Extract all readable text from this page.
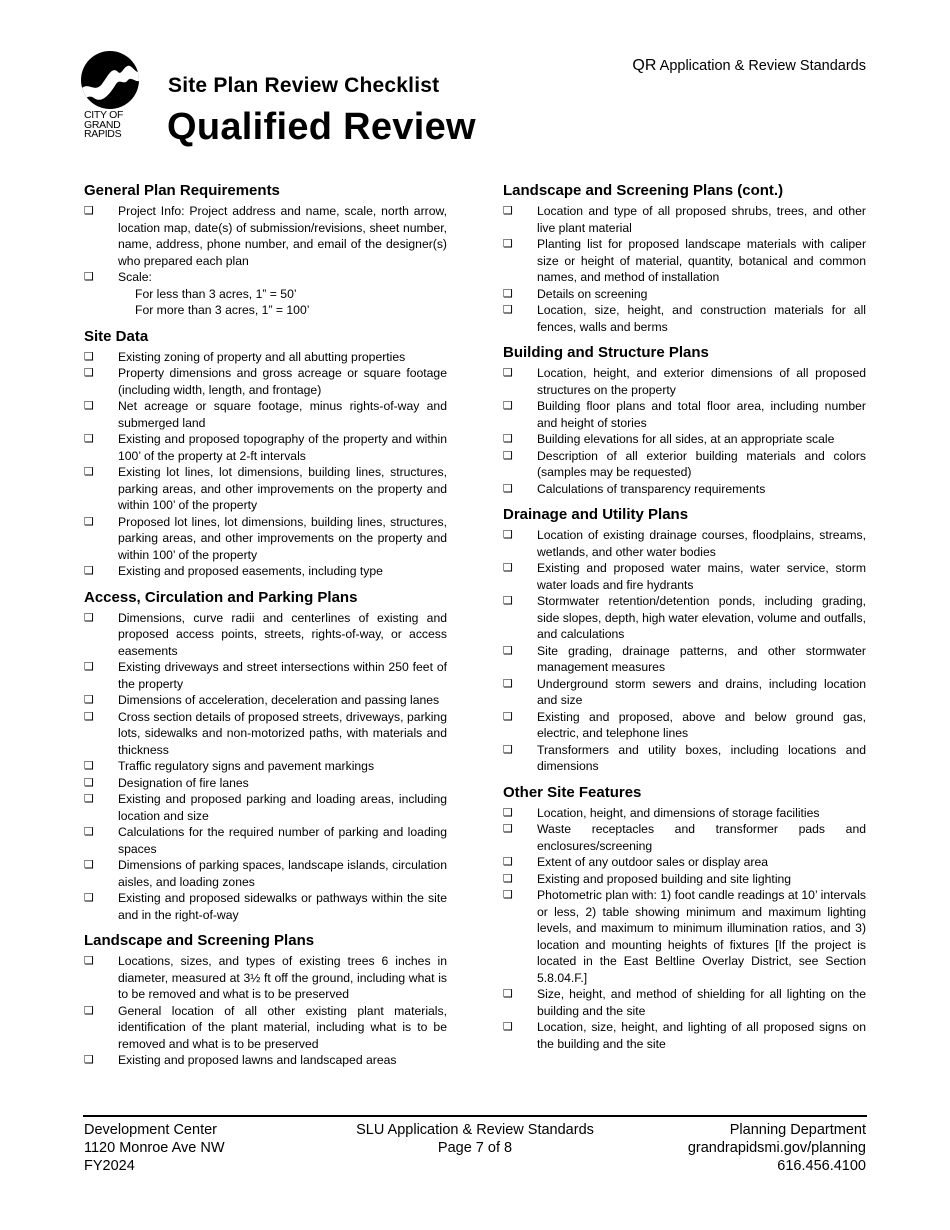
CITY OF
GRAND
RAPIDS
QR Application & Review Standards
Site Plan Review Checklist
Qualified Review
General Plan Requirements
❑	Project Info: Project address and name, scale, north arrow, location map, date(s) of submission/revisions, sheet number, name, address, phone number, and email of the designer(s) who prepared each plan
❑	Scale:
For less than 3 acres, 1” = 50’
For more than 3 acres, 1” = 100’
Site Data
❑	Existing zoning of property and all abutting properties
❑	Property dimensions and gross acreage or square footage (including width, length, and frontage)
❑	Net acreage or square footage, minus rights-of-way and submerged land
❑	Existing and proposed topography of the property and within 100’ of the property at 2-ft intervals
❑	Existing lot lines, lot dimensions, building lines, structures, parking areas, and other improvements on the property and within 100’ of the property
❑	Proposed lot lines, lot dimensions, building lines, structures, parking areas, and other improvements on the property and within 100’ of the property
❑	Existing and proposed easements, including type
Access, Circulation and Parking Plans
❑	Dimensions, curve radii and centerlines of existing and proposed access points, streets, rights-of-way, or access easements
❑	Existing driveways and street intersections within 250 feet of the property
❑	Dimensions of acceleration, deceleration and passing lanes
❑	Cross section details of proposed streets, driveways, parking lots, sidewalks and non-motorized paths, with materials and thickness
❑	Traffic regulatory signs and pavement markings
❑	Designation of fire lanes
❑	Existing and proposed parking and loading areas, including location and size
❑	Calculations for the required number of parking and loading spaces
❑	Dimensions of parking spaces, landscape islands, circulation aisles, and loading zones
❑	Existing and proposed sidewalks or pathways within the site and in the right-of-way
Landscape and Screening Plans
❑	Locations, sizes, and types of existing trees 6 inches in diameter, measured at 3½ ft off the ground, including what is to be removed and what is to be preserved
❑	General location of all other existing plant materials, identification of the plant material, including what is to be removed and what is to be preserved
❑	Existing and proposed lawns and landscaped areas
Landscape and Screening Plans (cont.)
❑	Location and type of all proposed shrubs, trees, and other live plant material
❑	Planting list for proposed landscape materials with caliper size or height of material, quantity, botanical and common names, and method of installation
❑	Details on screening
❑	Location, size, height, and construction materials for all fences, walls and berms
Building and Structure Plans
❑	Location, height, and exterior dimensions of all proposed structures on the property
❑	Building floor plans and total floor area, including number and height of stories
❑	Building elevations for all sides, at an appropriate scale
❑	Description of all exterior building materials and colors (samples may be requested)
❑	Calculations of transparency requirements
Drainage and Utility Plans
❑	Location of existing drainage courses, floodplains, streams, wetlands, and other water bodies
❑	Existing and proposed water mains, water service, storm water loads and fire hydrants
❑	Stormwater retention/detention ponds, including grading, side slopes, depth, high water elevation, volume and outfalls, and calculations
❑	Site grading, drainage patterns, and other stormwater management measures
❑	Underground storm sewers and drains, including location and size
❑	Existing and proposed, above and below ground gas, electric, and telephone lines
❑	Transformers and utility boxes, including locations and dimensions
Other Site Features
❑	Location, height, and dimensions of storage facilities
❑	Waste receptacles and transformer pads and enclosures/screening
❑	Extent of any outdoor sales or display area
❑	Existing and proposed building and site lighting
❑	Photometric plan with: 1) foot candle readings at 10’ intervals or less, 2) table showing minimum and maximum lighting levels, and maximum to minimum illumination ratios, and 3) location and mounting heights of fixtures [If the project is located in the East Beltline Overlay District, see Section 5.8.04.F.]
❑	Size, height, and method of shielding for all lighting on the building and the site
❑	Location, size, height, and lighting of all proposed signs on the building and the site
Development Center
1120 Monroe Ave NW
FY2024
SLU Application & Review Standards
Page 7 of 8
Planning Department
grandrapidsmi.gov/planning
616.456.4100
